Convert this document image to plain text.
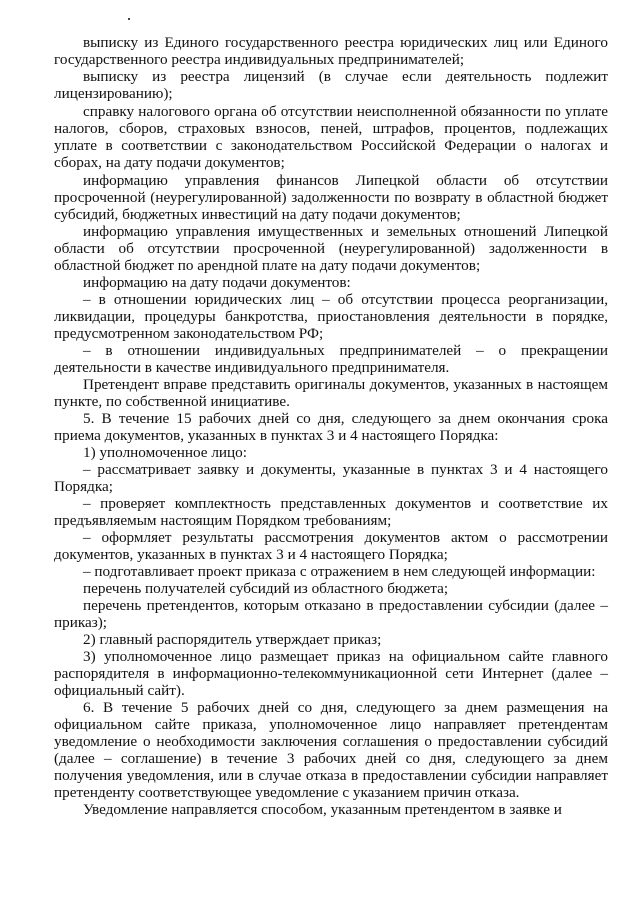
выписку из Единого государственного реестра юридических лиц или Единого государственного реестра индивидуальных предпринимателей;

выписку из реестра лицензий (в случае если деятельность подлежит лицензированию);

справку налогового органа об отсутствии неисполненной обязанности по уплате налогов, сборов, страховых взносов, пеней, штрафов, процентов, подлежащих уплате в соответствии с законодательством Российской Федерации о налогах и сборах, на дату подачи документов;

информацию управления финансов Липецкой области об отсутствии просроченной (неурегулированной) задолженности по возврату в областной бюджет субсидий, бюджетных инвестиций на дату подачи документов;

информацию управления имущественных и земельных отношений Липецкой области об отсутствии просроченной (неурегулированной) задолженности в областной бюджет по арендной плате на дату подачи документов;

информацию на дату подачи документов:

– в отношении юридических лиц – об отсутствии процесса реорганизации, ликвидации, процедуры банкротства, приостановления деятельности в порядке, предусмотренном законодательством РФ;

– в отношении индивидуальных предпринимателей – о прекращении деятельности в качестве индивидуального предпринимателя.

Претендент вправе представить оригиналы документов, указанных в настоящем пункте, по собственной инициативе.

5. В течение 15 рабочих дней со дня, следующего за днем окончания срока приема документов, указанных в пунктах 3 и 4 настоящего Порядка:

1) уполномоченное лицо:

– рассматривает заявку и документы, указанные в пунктах 3 и 4 настоящего Порядка;

– проверяет комплектность представленных документов и соответствие их предъявляемым настоящим Порядком требованиям;

– оформляет результаты рассмотрения документов актом о рассмотрении документов, указанных в пунктах 3 и 4 настоящего Порядка;

– подготавливает проект приказа с отражением в нем следующей информации:

перечень получателей субсидий из областного бюджета;

перечень претендентов, которым отказано в предоставлении субсидии (далее – приказ);

2) главный распорядитель утверждает приказ;

3) уполномоченное лицо размещает приказ на официальном сайте главного распорядителя в информационно-телекоммуникационной сети Интернет (далее – официальный сайт).

6. В течение 5 рабочих дней со дня, следующего за днем размещения на официальном сайте приказа, уполномоченное лицо направляет претендентам уведомление о необходимости заключения соглашения о предоставлении субсидий (далее – соглашение) в течение 3 рабочих дней со дня, следующего за днем получения уведомления, или в случае отказа в предоставлении субсидии направляет претенденту соответствующее уведомление с указанием причин отказа.

Уведомление направляется способом, указанным претендентом в заявке и
